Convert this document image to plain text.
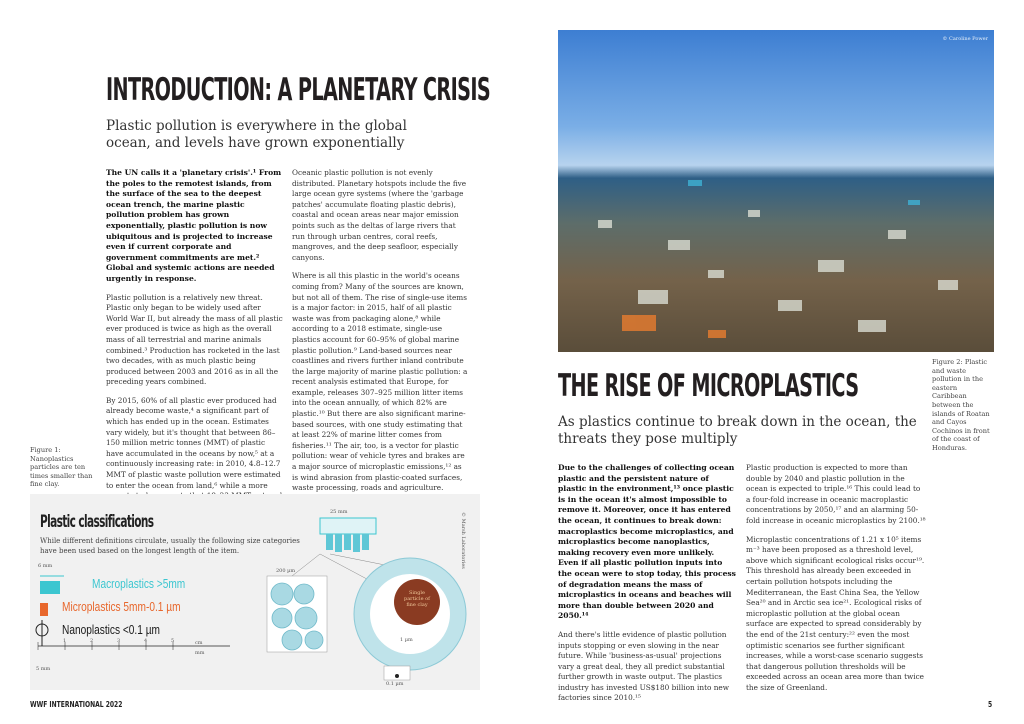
INTRODUCTION: A PLANETARY CRISIS
Plastic pollution is everywhere in the global ocean, and levels have grown exponentially

The UN calls it a 'planetary crisis'.¹ From the poles to the remotest islands, from the surface of the sea to the deepest ocean trench, the marine plastic pollution problem has grown exponentially, plastic pollution is now ubiquitous and is projected to increase even if current corporate and government commitments are met.² Global and systemic actions are needed urgently in response.

Plastic pollution is a relatively new threat. Plastic only began to be widely used after World War II, but already the mass of all plastic ever produced is twice as high as the overall mass of all terrestrial and marine animals combined.³ Production has rocketed in the last two decades, with as much plastic being produced between 2003 and 2016 as in all the preceding years combined.

By 2015, 60% of all plastic ever produced had already become waste,⁴ a significant part of which has ended up in the ocean. Estimates vary widely, but it's thought that between 86–150 million metric tonnes (MMT) of plastic have accumulated in the oceans by now,⁵ at a continuously increasing rate: in 2010, 4.8–12.7 MMT of plastic waste pollution were estimated to enter the ocean from land,⁶ while a more

Oceanic plastic pollution is not evenly distributed. Planetary hotspots include the five large ocean gyre systems (where the 'garbage patches' accumulate floating plastic debris), coastal and ocean areas near major emission points such as the deltas of large rivers that run through urban centres, coral reefs, mangroves, and the deep seafloor, especially canyons.

Where is all this plastic in the world's oceans coming from? Many of the sources are known, but not all of them. The rise of single-use items is a major factor: in 2015, half of all plastic waste was from packaging alone,⁸ while according to a 2018 estimate, single-use plastics account for 60–95% of global marine plastic pollution.⁹ Land-based sources near coastlines and rivers further inland contribute the large majority of marine plastic pollution: a recent analysis estimated that Europe, for example, releases 307–925 million litter items into the ocean annually, of which 82% are plastic.¹⁰ But there are also significant marine-based sources, with one study estimating that at least 22% of marine litter comes from fisheries.¹¹ The air, too, is a vector for plastic pollution: wear of vehicle tyres and brakes are a major source of microplastic emissions,¹² as is wind abrasion from plastic-coated surfaces, waste processing, roads and agriculture.

Figure 1: Nanoplastics particles are ten times smaller than fine clay.
Plastic classifications
While different definitions circulate, usually the following size categories have been used based on the longest length of the item.	© Marsh Laboratories
Macroplastics >5mm
Microplastics 5mm-0.1 µm
Nanoplastics <0.1 µm
6 mm
5 mm
25 mm
200 µm
1 µm
0.1 µm
Single particle of fine clay
cm
mm
1	2	3	4	5
WWF INTERNATIONAL 2022
© Caroline Power
Figure 2: Plastic and waste pollution in the eastern Caribbean between the islands of Roatan and Cayos Cochinos in front of the coast of Honduras.
THE RISE OF MICROPLASTICS
As plastics continue to break down in the ocean, the threats they pose multiply

Due to the challenges of collecting ocean plastic and the persistent nature of plastic in the environment,¹³ once plastic is in the ocean it's almost impossible to remove it. Moreover, once it has entered the ocean, it continues to break down: macroplastics become microplastics, and microplastics become nanoplastics, making recovery even more unlikely. Even if all plastic pollution inputs into the ocean were to stop today, this process of degradation means the mass of microplastics in oceans and beaches will more than double between 2020 and 2050.¹⁴

And there's little evidence of plastic pollution inputs stopping or even slowing in the near future. While 'business-as-usual' projections vary a great deal, they all predict substantial further growth in waste output. The plastics industry has invested US$180 billion into new factories since 2010.¹⁵

Plastic production is expected to more than double by 2040 and plastic pollution in the ocean is expected to triple.¹⁶ This could lead to a four-fold increase in oceanic macroplastic concentrations by 2050,¹⁷ and an alarming 50-fold increase in oceanic microplastics by 2100.¹⁸

Microplastic concentrations of 1.21 x 10⁵ items m⁻³ have been proposed as a threshold level, above which significant ecological risks occur¹⁹. This threshold has already been exceeded in certain pollution hotspots including the Mediterranean, the East China Sea, the Yellow Sea²⁰ and in Arctic sea ice²¹. Ecological risks of microplastic pollution at the global ocean surface are expected to spread considerably by the end of the 21st century:²² even the most optimistic scenarios see further significant increases, while a worst-case scenario suggests that dangerous pollution thresholds will be exceeded across an ocean area more than twice the size of Greenland.

5
